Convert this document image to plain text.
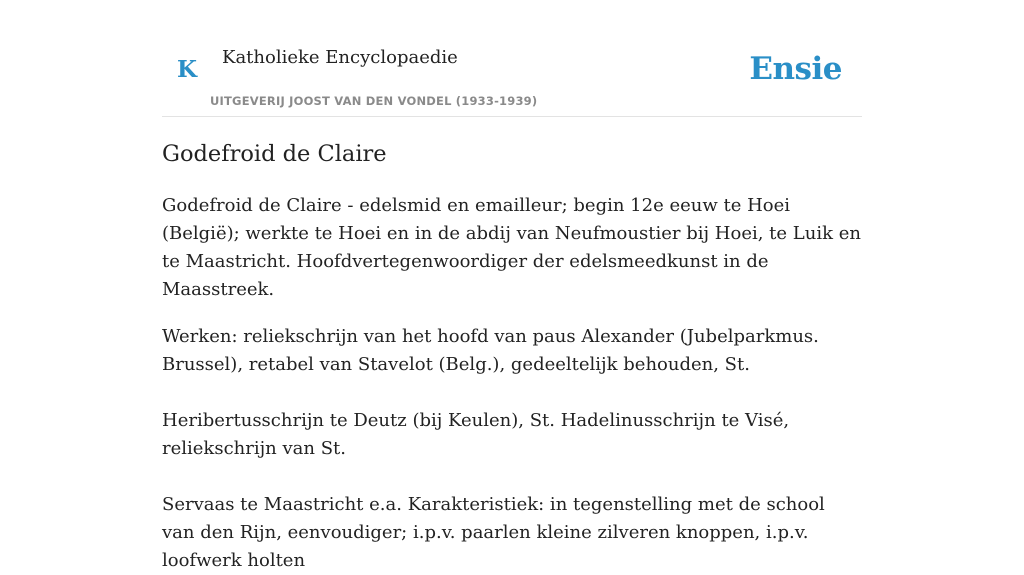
K Katholieke Encyclopaedie
UITGEVERIJ JOOST VAN DEN VONDEL (1933-1939)
Ensie
Godefroid de Claire

Godefroid de Claire - edelsmid en emailleur; begin 12e eeuw te Hoei (België); werkte te Hoei en in de abdij van Neufmoustier bij Hoei, te Luik en te Maastricht. Hoofdvertegenwoordiger der edelsmeedkunst in de Maasstreek.

Werken: reliekschrijn van het hoofd van paus Alexander (Jubelparkmus. Brussel), retabel van Stavelot (Belg.), gedeeltelijk behouden, St.

Heribertusschrijn te Deutz (bij Keulen), St. Hadelinusschrijn te Visé, reliekschrijn van St.

Servaas te Maastricht e.a. Karakteristiek: in tegenstelling met de school van den Rijn, eenvoudiger; i.p.v. paarlen kleine zilveren knoppen, i.p.v. loofwerk holten
